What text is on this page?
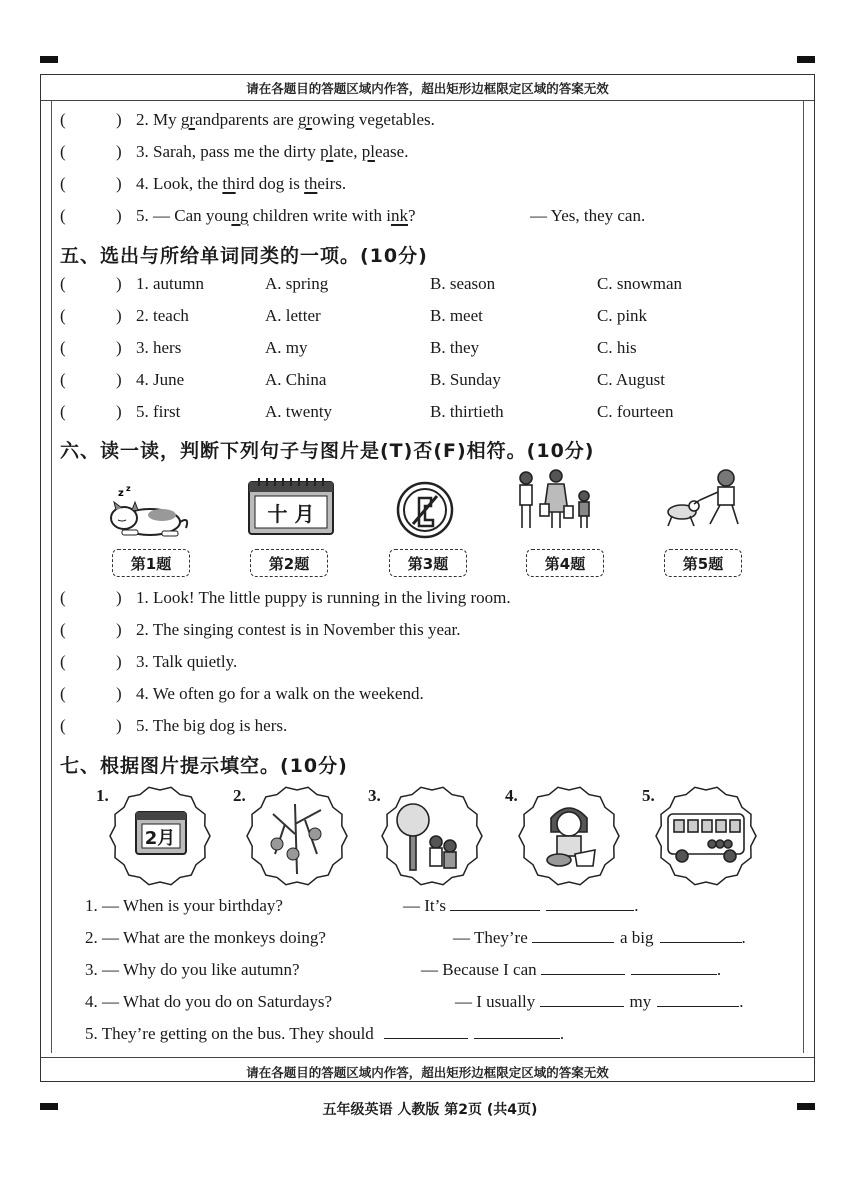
请在各题目的答题区域内作答，超出矩形边框限定区域的答案无效
请在各题目的答题区域内作答，超出矩形边框限定区域的答案无效
(	) 2. My grandparents are growing vegetables.
(	) 3. Sarah, pass me the dirty plate, please.
(	) 4. Look, the third dog is theirs.
(	) 5. — Can young children write with ink?	— Yes, they can.
五、选出与所给单词同类的一项。(10分)
(	) 1. autumn	A. spring	B. season	C. snowman
(	) 2. teach	A. letter	B. meet	C. pink
(	) 3. hers	A. my	B. they	C. his
(	) 4. June	A. China	B. Sunday	C. August
(	) 5. first	A. twenty	B. thirtieth	C. fourteen
六、读一读，判断下列句子与图片是(T)否(F)相符。(10分)
z z
十 月
第1题	第2题	第3题	第4题	第5题
(	) 1. Look! The little puppy is running in the living room.
(	) 2. The singing contest is in November this year.
(	) 3. Talk quietly.
(	) 4. We often go for a walk on the weekend.
(	) 5. The big dog is hers.
七、根据图片提示填空。(10分)
1.
2月
2.	3.	4.	5.
1. — When is your birthday?	— It’s	.
2. — What are the monkeys doing?	— They’re	a big	.
3. — Why do you like autumn?	— Because I can	.
4. — What do you do on Saturdays?	— I usually	my	.
5. They’re getting on the bus. They should	.
五年级英语 人教版 第2页 (共4页)
